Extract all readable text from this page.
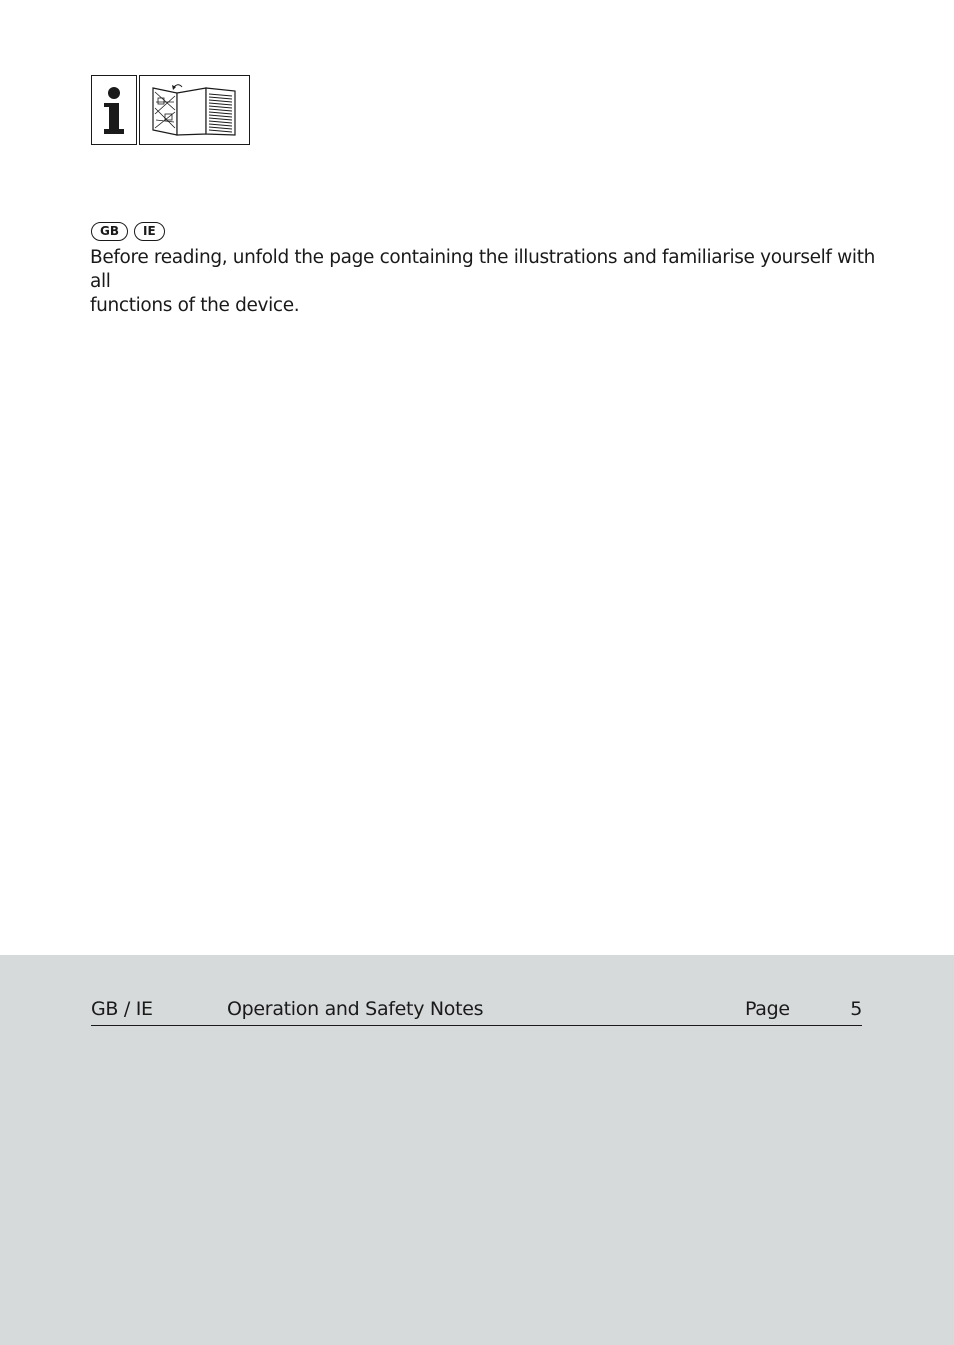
GB	IE

Before reading, unfold the page containing the illustrations and familiarise yourself with all
functions of the device.

GB / IE	Operation and Safety Notes	Page	5
